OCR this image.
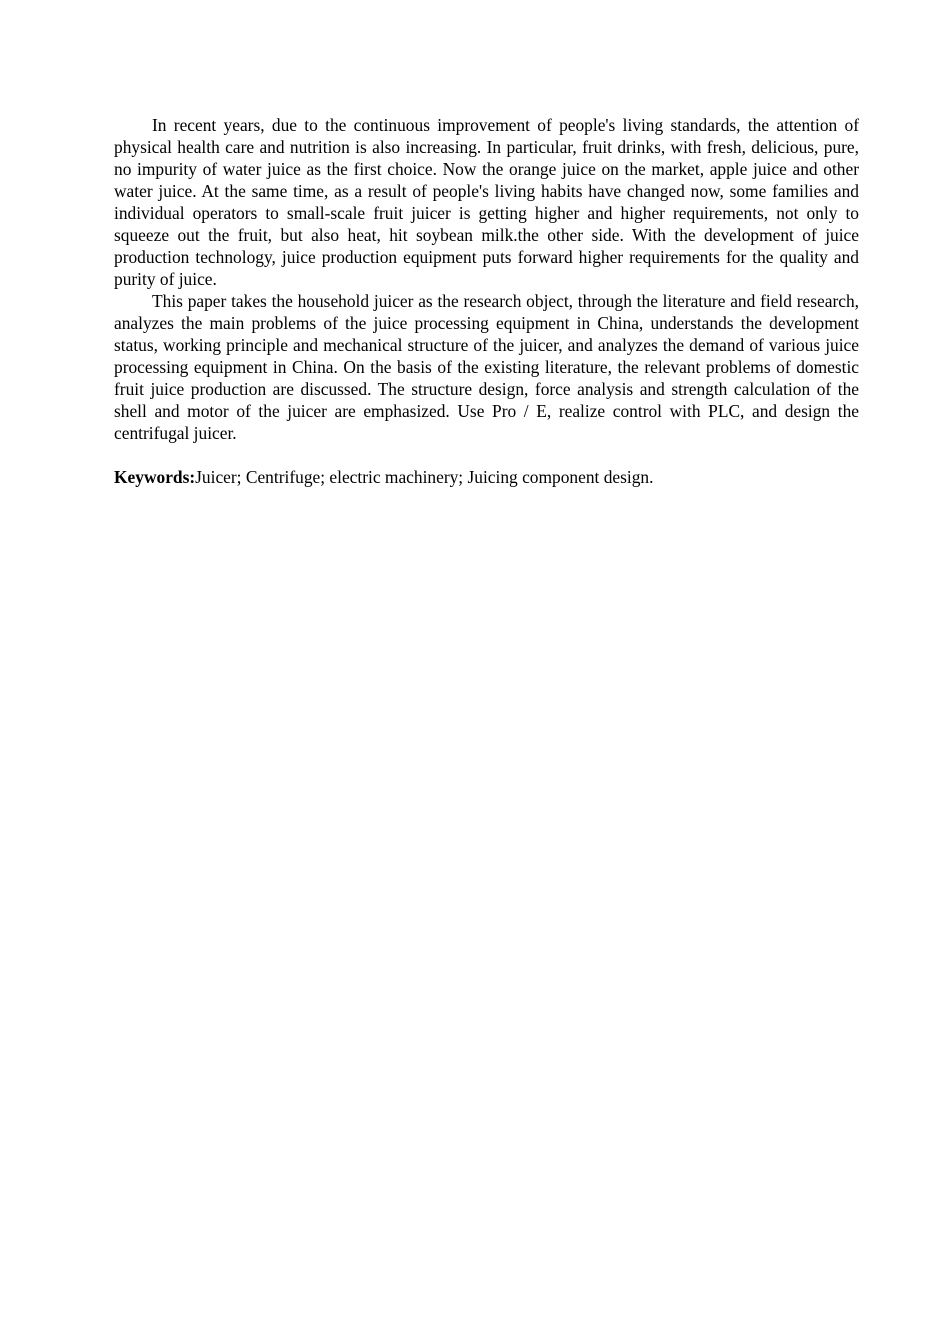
In recent years, due to the continuous improvement of people's living standards, the attention of physical health care and nutrition is also increasing. In particular, fruit drinks, with fresh, delicious, pure, no impurity of water juice as the first choice. Now the orange juice on the market, apple juice and other water juice. At the same time, as a result of people's living habits have changed now, some families and individual operators to small-scale fruit juicer is getting higher and higher requirements, not only to squeeze out the fruit, but also heat, hit soybean milk.the other side. With the development of juice production technology, juice production equipment puts forward higher requirements for the quality and purity of juice.

This paper takes the household juicer as the research object, through the literature and field research, analyzes the main problems of the juice processing equipment in China, understands the development status, working principle and mechanical structure of the juicer, and analyzes the demand of various juice processing equipment in China. On the basis of the existing literature, the relevant problems of domestic fruit juice production are discussed. The structure design, force analysis and strength calculation of the shell and motor of the juicer are emphasized. Use Pro / E, realize control with PLC, and design the centrifugal juicer.

Keywords:Juicer; Centrifuge; electric machinery; Juicing component design.
